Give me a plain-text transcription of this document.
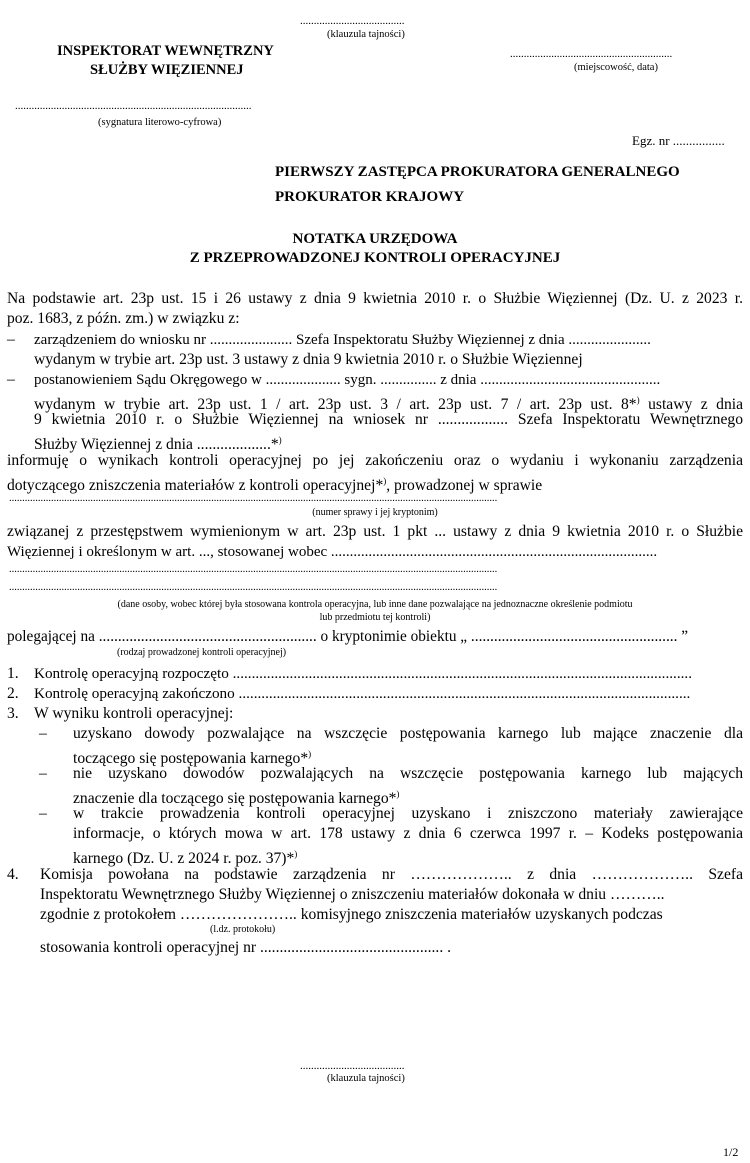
......................................
(klauzula tajności)
INSPEKTORAT WEWNĘTRZNY
SŁUŻBY WIĘZIENNEJ
...........................................................
(miejscowość, data)
......................................................................................
(sygnatura literowo-cyfrowa)
Egz. nr ................
PIERWSZY ZASTĘPCA PROKURATORA GENERALNEGO
PROKURATOR KRAJOWY
NOTATKA URZĘDOWA
Z PRZEPROWADZONEJ KONTROLI OPERACYJNEJ
Na podstawie art. 23p ust. 15 i 26 ustawy z dnia 9 kwietnia 2010 r. o Służbie Więziennej (Dz. U. z 2023 r.
poz. 1683, z późn. zm.) w związku z:
– zarządzeniem do wniosku nr ...................... Szefa Inspektoratu Służby Więziennej z dnia ......................
wydanym w trybie art. 23p ust. 3 ustawy z dnia 9 kwietnia 2010 r. o Służbie Więziennej
– postanowieniem Sądu Okręgowego w .................... sygn. ............... z dnia ................................................
wydanym w trybie art. 23p ust. 1 / art. 23p ust. 3 / art. 23p ust. 7 / art. 23p ust. 8*) ustawy z dnia
9 kwietnia 2010 r. o Służbie Więziennej na wniosek nr .................. Szefa Inspektoratu Wewnętrznego
Służby Więziennej z dnia ...................*)
informuję o wynikach kontroli operacyjnej po jej zakończeniu oraz o wydaniu i wykonaniu zarządzenia
dotyczącego zniszczenia materiałów z kontroli operacyjnej*), prowadzonej w sprawie
..........................................................................................................................................................................................
(numer sprawy i jej kryptonim)
związanej z przestępstwem wymienionym w art. 23p ust. 1 pkt ... ustawy z dnia 9 kwietnia 2010 r. o Służbie
Więziennej i określonym w art. ..., stosowanej wobec .......................................................................................
..........................................................................................................................................................................................
..........................................................................................................................................................................................
(dane osoby, wobec której była stosowana kontrola operacyjna, lub inne dane pozwalające na jednoznaczne określenie podmiotu
lub przedmiotu tej kontroli)
polegającej na ......................................................... o kryptonimie obiektu „ ...................................................... ”
(rodzaj prowadzonej kontroli operacyjnej)
1. Kontrolę operacyjną rozpoczęto .........................................................................................................................
2. Kontrolę operacyjną zakończono .......................................................................................................................
3. W wyniku kontroli operacyjnej:
– uzyskano dowody pozwalające na wszczęcie postępowania karnego lub mające znaczenie dla
toczącego się postępowania karnego*)
– nie uzyskano dowodów pozwalających na wszczęcie postępowania karnego lub mających
znaczenie dla toczącego się postępowania karnego*)
– w trakcie prowadzenia kontroli operacyjnej uzyskano i zniszczono materiały zawierające
informacje, o których mowa w art. 178 ustawy z dnia 6 czerwca 1997 r. – Kodeks postępowania
karnego (Dz. U. z 2024 r. poz. 37)*)
4. Komisja powołana na podstawie zarządzenia nr ……………….. z dnia ……………….. Szefa
Inspektoratu Wewnętrznego Służby Więziennej o zniszczeniu materiałów dokonała w dniu ………..
zgodnie z protokołem ………………….. komisyjnego zniszczenia materiałów uzyskanych podczas
(l.dz. protokołu)
stosowania kontroli operacyjnej nr ............................................... .
......................................
(klauzula tajności)
1/2
